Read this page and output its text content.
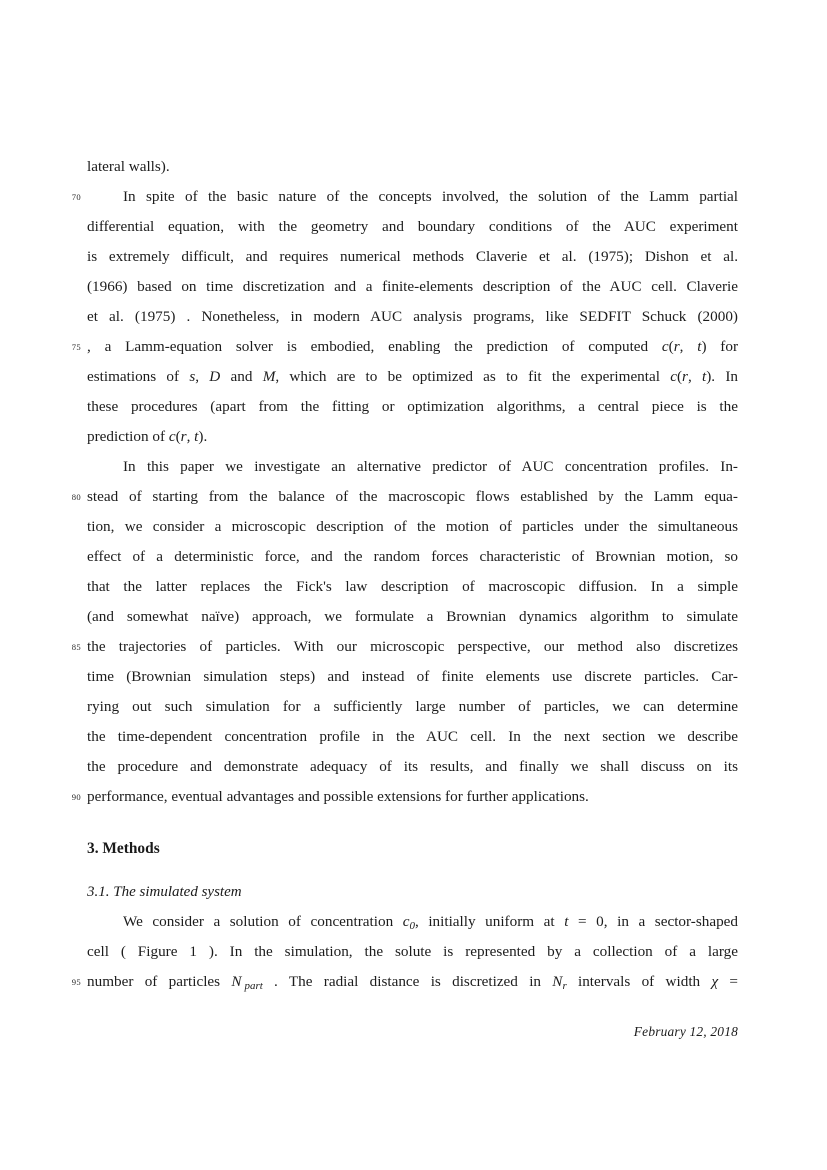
lateral walls).
70	In spite of the basic nature of the concepts involved, the solution of the Lamm partial
differential equation, with the geometry and boundary conditions of the AUC experiment
is extremely difficult, and requires numerical methods Claverie et al. (1975); Dishon et al.
(1966) based on time discretization and a finite-elements description of the AUC cell. Claverie
et al. (1975) . Nonetheless, in modern AUC analysis programs, like SEDFIT Schuck (2000)
75 , a Lamm-equation solver is embodied, enabling the prediction of computed c(r, t) for
estimations of s, D and M, which are to be optimized as to fit the experimental c(r, t). In
these procedures (apart from the fitting or optimization algorithms, a central piece is the
prediction of c(r, t).
In this paper we investigate an alternative predictor of AUC concentration profiles. In-
80 stead of starting from the balance of the macroscopic flows established by the Lamm equa-
tion, we consider a microscopic description of the motion of particles under the simultaneous
effect of a deterministic force, and the random forces characteristic of Brownian motion, so
that the latter replaces the Fick's law description of macroscopic diffusion. In a simple
(and somewhat naïve) approach, we formulate a Brownian dynamics algorithm to simulate
85 the trajectories of particles. With our microscopic perspective, our method also discretizes
time (Brownian simulation steps) and instead of finite elements use discrete particles. Car-
rying out such simulation for a sufficiently large number of particles, we can determine
the time-dependent concentration profile in the AUC cell. In the next section we describe
the procedure and demonstrate adequacy of its results, and finally we shall discuss on its
90 performance, eventual advantages and possible extensions for further applications.
3. Methods
3.1. The simulated system
We consider a solution of concentration $c_0$, initially uniform at t = 0, in a sector-shaped
cell ( Figure 1 ). In the simulation, the solute is represented by a collection of a large
95 number of particles N $_{part}$ . The radial distance is discretized in $N_r$ intervals of width χ =
February 12, 2018
